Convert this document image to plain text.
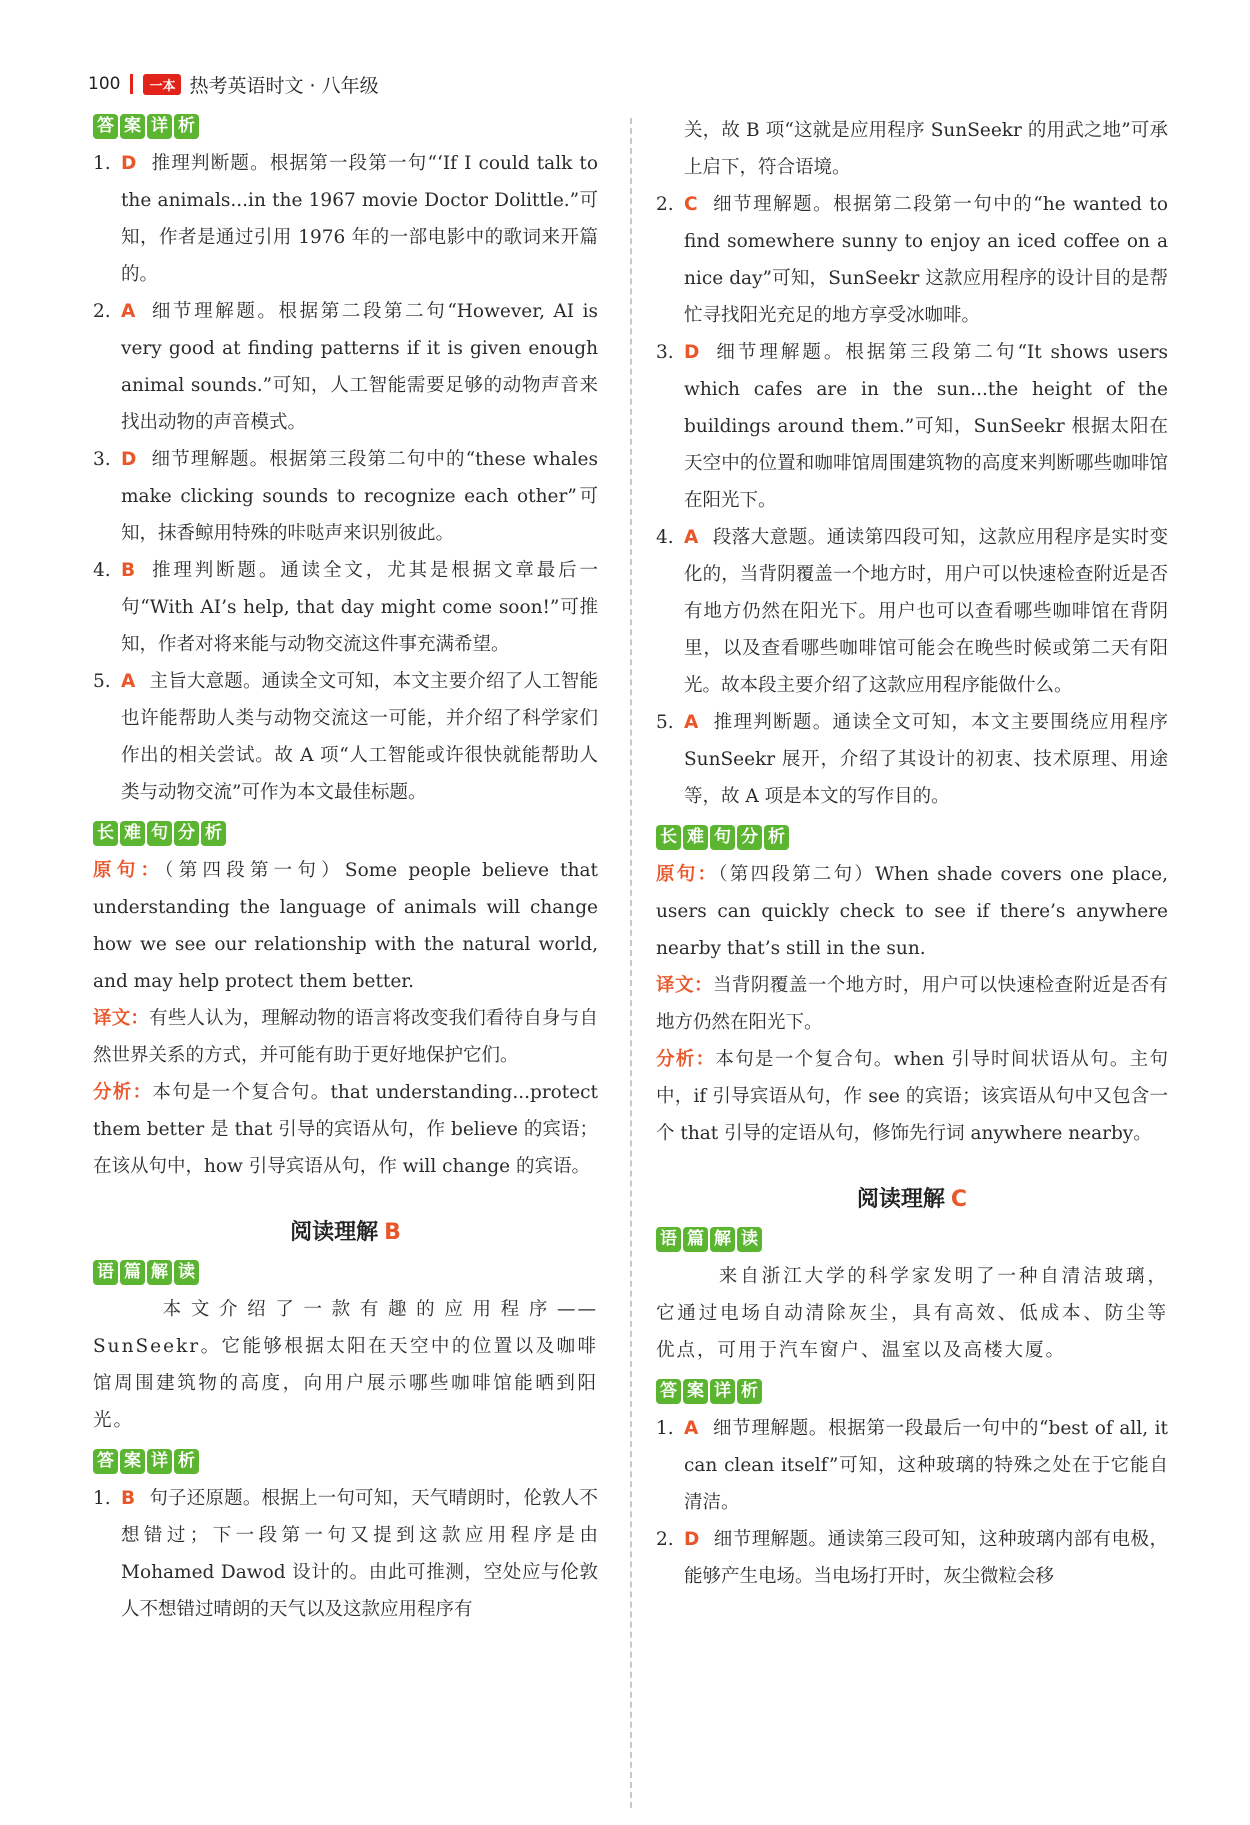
100	一本 热考英语时文 · 八年级
答 案 详 析
1. D 推理判断题。根据第一段第一句“‘If I could talk to the animals...in the 1967 movie Doctor Dolittle.”可知，作者是通过引用 1976 年的一部电影中的歌词来开篇的。
2. A 细节理解题。根据第二段第二句“However, AI is very good at finding patterns if it is given enough animal sounds.”可知，人工智能需要足够的动物声音来找出动物的声音模式。
3. D 细节理解题。根据第三段第二句中的“these whales make clicking sounds to recognize each other”可知，抹香鲸用特殊的咔哒声来识别彼此。
4. B 推理判断题。通读全文，尤其是根据文章最后一句“With AI’s help, that day might come soon!”可推知，作者对将来能与动物交流这件事充满希望。
5. A 主旨大意题。通读全文可知，本文主要介绍了人工智能也许能帮助人类与动物交流这一可能，并介绍了科学家们作出的相关尝试。故 A 项“人工智能或许很快就能帮助人类与动物交流”可作为本文最佳标题。
长 难 句 分 析
原句：（第四段第一句）Some people believe that understanding the language of animals will change how we see our relationship with the natural world, and may help protect them better.
译文：有些人认为，理解动物的语言将改变我们看待自身与自然世界关系的方式，并可能有助于更好地保护它们。
分析：本句是一个复合句。that understanding...protect them better 是 that 引导的宾语从句，作 believe 的宾语；在该从句中，how 引导宾语从句，作 will change 的宾语。
阅读理解 B
语 篇 解 读
本文介绍了一款有趣的应用程序——SunSeekr。它能够根据太阳在天空中的位置以及咖啡馆周围建筑物的高度，向用户展示哪些咖啡馆能晒到阳光。
答 案 详 析
1. B 句子还原题。根据上一句可知，天气晴朗时，伦敦人不想错过；下一段第一句又提到这款应用程序是由 Mohamed Dawod 设计的。由此可推测，空处应与伦敦人不想错过晴朗的天气以及这款应用程序有
关，故 B 项“这就是应用程序 SunSeekr 的用武之地”可承上启下，符合语境。
2. C 细节理解题。根据第二段第一句中的“he wanted to find somewhere sunny to enjoy an iced coffee on a nice day”可知，SunSeekr 这款应用程序的设计目的是帮忙寻找阳光充足的地方享受冰咖啡。
3. D 细节理解题。根据第三段第二句“It shows users which cafes are in the sun...the height of the buildings around them.”可知，SunSeekr 根据太阳在天空中的位置和咖啡馆周围建筑物的高度来判断哪些咖啡馆在阳光下。
4. A 段落大意题。通读第四段可知，这款应用程序是实时变化的，当背阴覆盖一个地方时，用户可以快速检查附近是否有地方仍然在阳光下。用户也可以查看哪些咖啡馆在背阴里，以及查看哪些咖啡馆可能会在晚些时候或第二天有阳光。故本段主要介绍了这款应用程序能做什么。
5. A 推理判断题。通读全文可知，本文主要围绕应用程序 SunSeekr 展开，介绍了其设计的初衷、技术原理、用途等，故 A 项是本文的写作目的。
长 难 句 分 析
原句：（第四段第二句）When shade covers one place, users can quickly check to see if there’s anywhere nearby that’s still in the sun.
译文：当背阴覆盖一个地方时，用户可以快速检查附近是否有地方仍然在阳光下。
分析：本句是一个复合句。when 引导时间状语从句。主句中，if 引导宾语从句，作 see 的宾语；该宾语从句中又包含一个 that 引导的定语从句，修饰先行词 anywhere nearby。
阅读理解 C
语 篇 解 读
来自浙江大学的科学家发明了一种自清洁玻璃，它通过电场自动清除灰尘，具有高效、低成本、防尘等优点，可用于汽车窗户、温室以及高楼大厦。
答 案 详 析
1. A 细节理解题。根据第一段最后一句中的“best of all, it can clean itself”可知，这种玻璃的特殊之处在于它能自清洁。
2. D 细节理解题。通读第三段可知，这种玻璃内部有电极，能够产生电场。当电场打开时，灰尘微粒会移
